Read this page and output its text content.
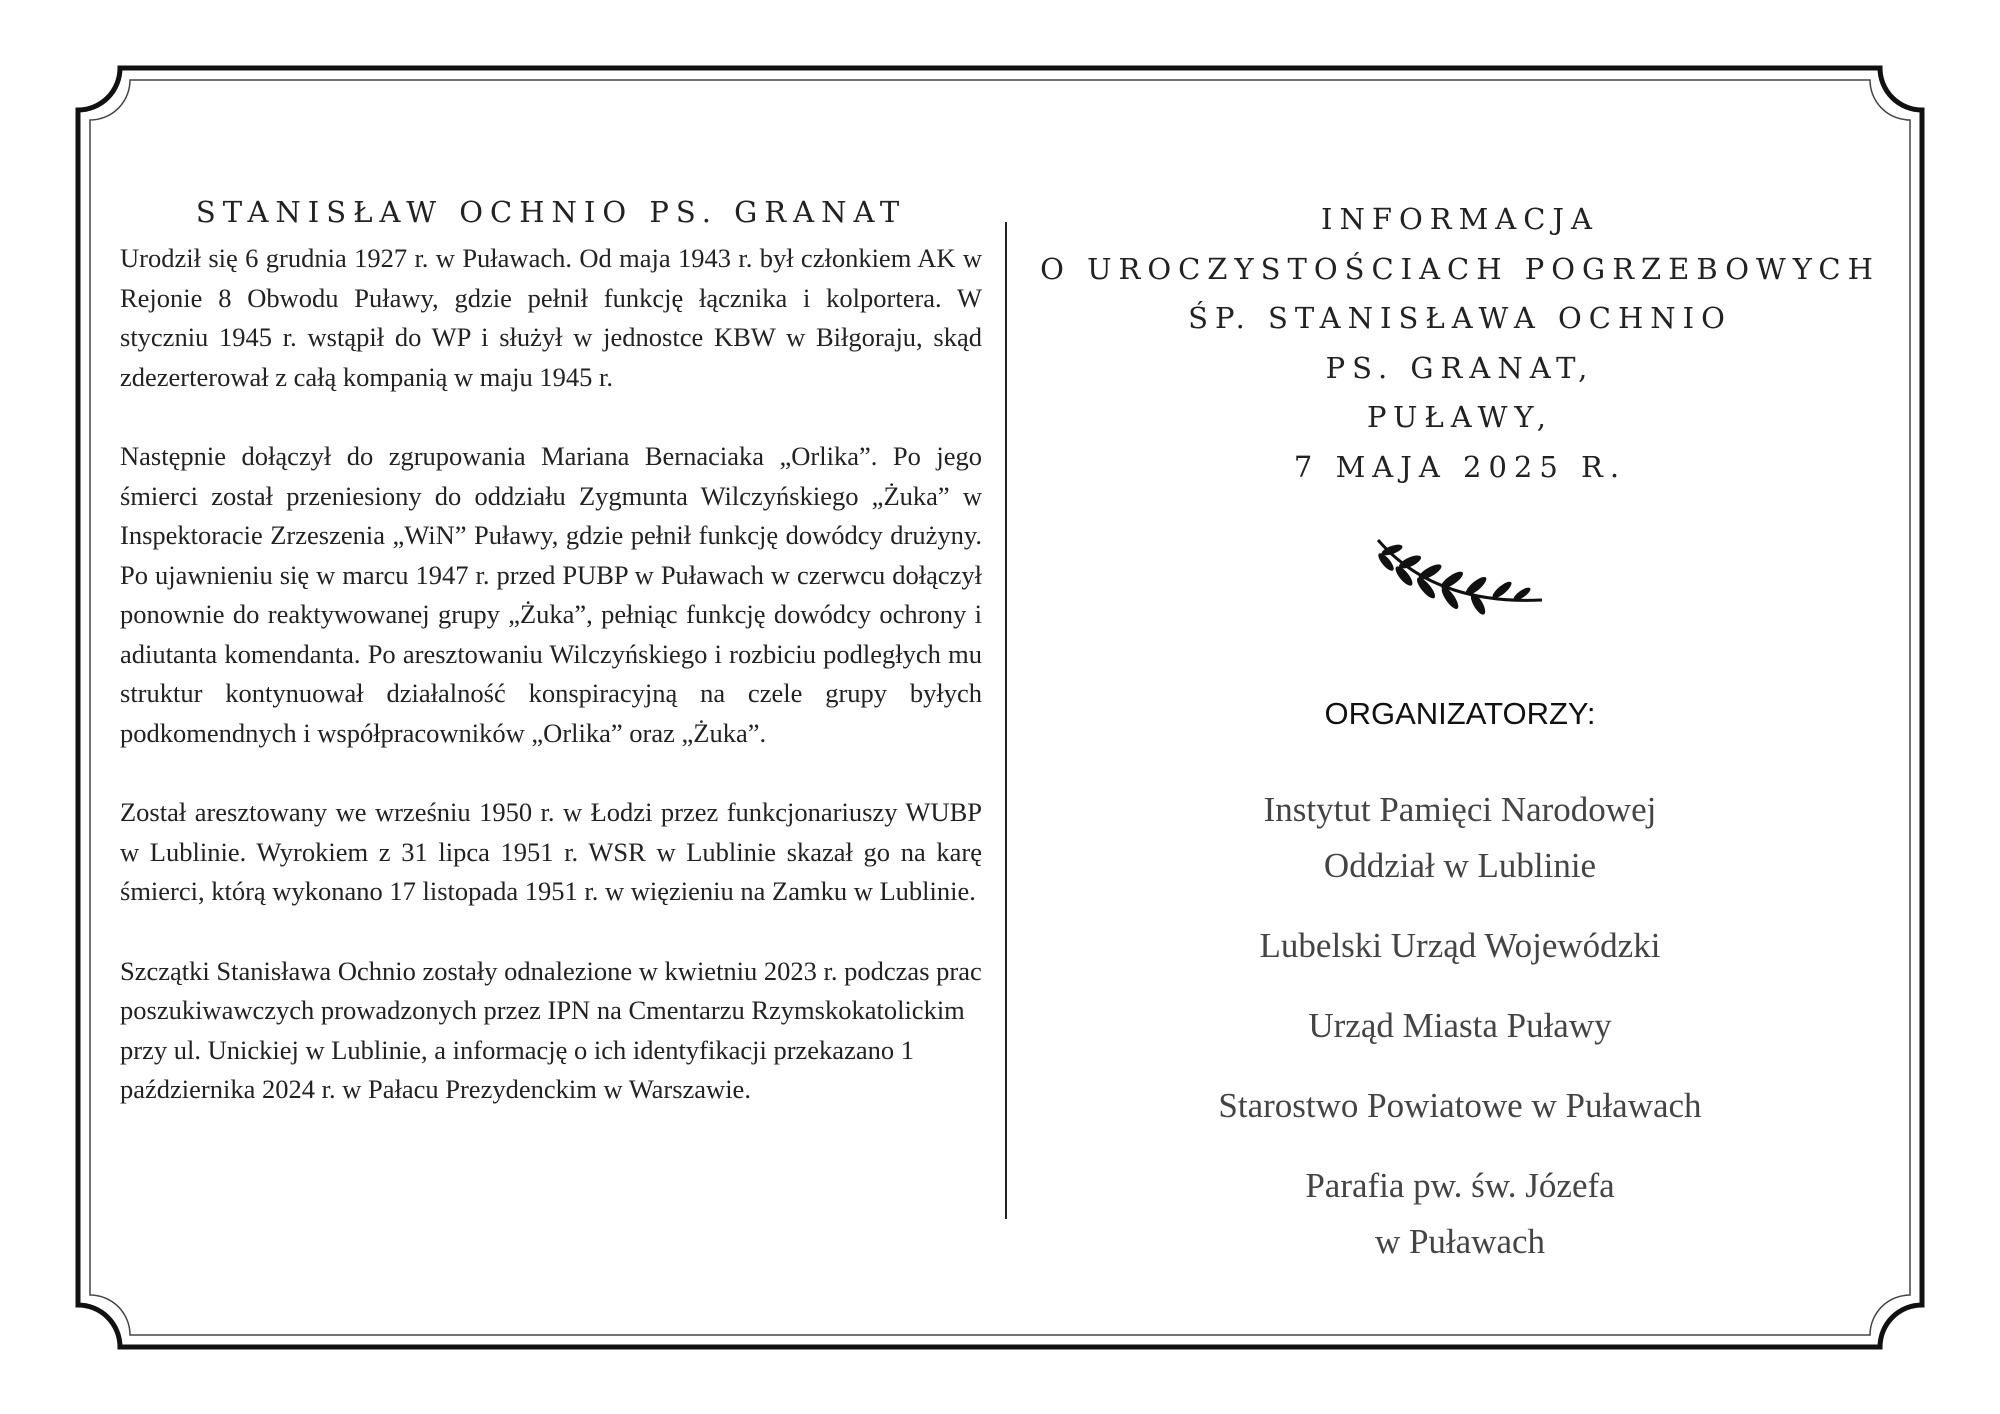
STANISŁAW OCHNIO PS. GRANAT

Urodził się 6 grudnia 1927 r. w Puławach. Od maja 1943 r. był członkiem AK w Rejonie 8 Obwodu Puławy, gdzie pełnił funkcję łącznika i kolportera. W styczniu 1945 r. wstąpił do WP i służył w jednostce KBW w Biłgoraju, skąd zdezerterował z całą kompanią w maju 1945 r.

Następnie dołączył do zgrupowania Mariana Bernaciaka „Orlika”. Po jego śmierci został przeniesiony do oddziału Zygmunta Wilczyńskiego „Żuka” w Inspektoracie Zrzeszenia „WiN” Puławy, gdzie pełnił funkcję dowódcy drużyny. Po ujawnieniu się w marcu 1947 r. przed PUBP w Puławach w czerwcu dołączył ponownie do reaktywowanej grupy „Żuka”, pełniąc funkcję dowódcy ochrony i adiutanta komendanta. Po aresztowaniu Wilczyńskiego i rozbiciu podległych mu struktur kontynuował działalność konspiracyjną na czele grupy byłych podkomendnych i współpracowników „Orlika” oraz „Żuka”.

Został aresztowany we wrześniu 1950 r. w Łodzi przez funkcjonariuszy WUBP w Lublinie. Wyrokiem z 31 lipca 1951 r. WSR w Lublinie skazał go na karę śmierci, którą wykonano 17 listopada 1951 r. w więzieniu na Zamku w Lublinie.

Szczątki Stanisława Ochnio zostały odnalezione w kwietniu 2023 r. podczas prac poszukiwawczych prowadzonych przez IPN na Cmentarzu Rzymskokatolickim przy ul. Unickiej w Lublinie, a informację o ich identyfikacji przekazano 1 października 2024 r. w Pałacu Prezydenckim w Warszawie.

INFORMACJA
O UROCZYSTOŚCIACH POGRZEBOWYCH
ŚP. STANISŁAWA OCHNIO
PS. GRANAT,
PUŁAWY,
7 MAJA 2025 R.
ORGANIZATORZY:
Instytut Pamięci Narodowej
Oddział w Lublinie
Lubelski Urząd Wojewódzki
Urząd Miasta Puławy
Starostwo Powiatowe w Puławach
Parafia pw. św. Józefa
w Puławach
